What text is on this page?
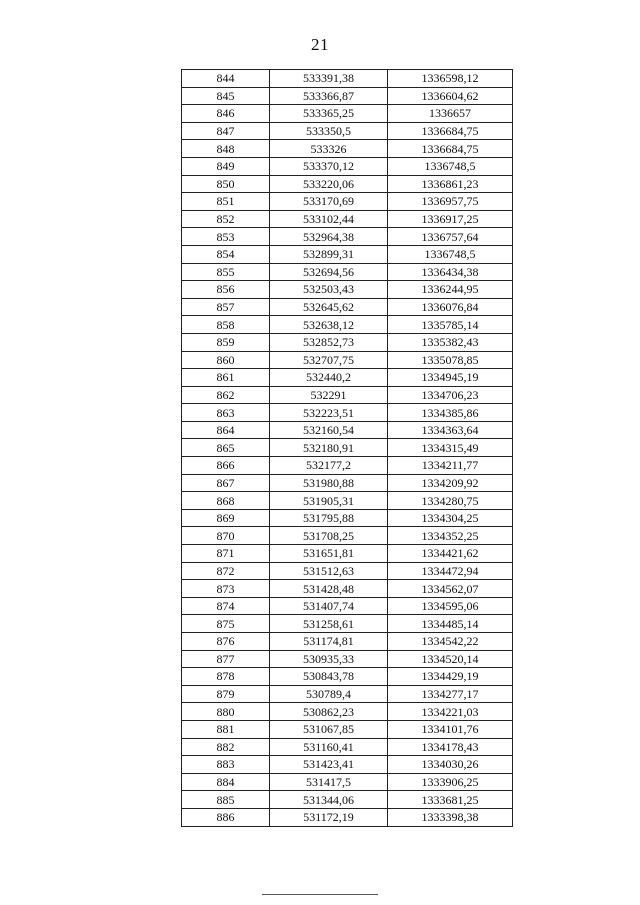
21
844	533391,38	1336598,12
845	533366,87	1336604,62
846	533365,25	1336657
847	533350,5	1336684,75
848	533326	1336684,75
849	533370,12	1336748,5
850	533220,06	1336861,23
851	533170,69	1336957,75
852	533102,44	1336917,25
853	532964,38	1336757,64
854	532899,31	1336748,5
855	532694,56	1336434,38
856	532503,43	1336244,95
857	532645,62	1336076,84
858	532638,12	1335785,14
859	532852,73	1335382,43
860	532707,75	1335078,85
861	532440,2	1334945,19
862	532291	1334706,23
863	532223,51	1334385,86
864	532160,54	1334363,64
865	532180,91	1334315,49
866	532177,2	1334211,77
867	531980,88	1334209,92
868	531905,31	1334280,75
869	531795,88	1334304,25
870	531708,25	1334352,25
871	531651,81	1334421,62
872	531512,63	1334472,94
873	531428,48	1334562,07
874	531407,74	1334595,06
875	531258,61	1334485,14
876	531174,81	1334542,22
877	530935,33	1334520,14
878	530843,78	1334429,19
879	530789,4	1334277,17
880	530862,23	1334221,03
881	531067,85	1334101,76
882	531160,41	1334178,43
883	531423,41	1334030,26
884	531417,5	1333906,25
885	531344,06	1333681,25
886	531172,19	1333398,38
